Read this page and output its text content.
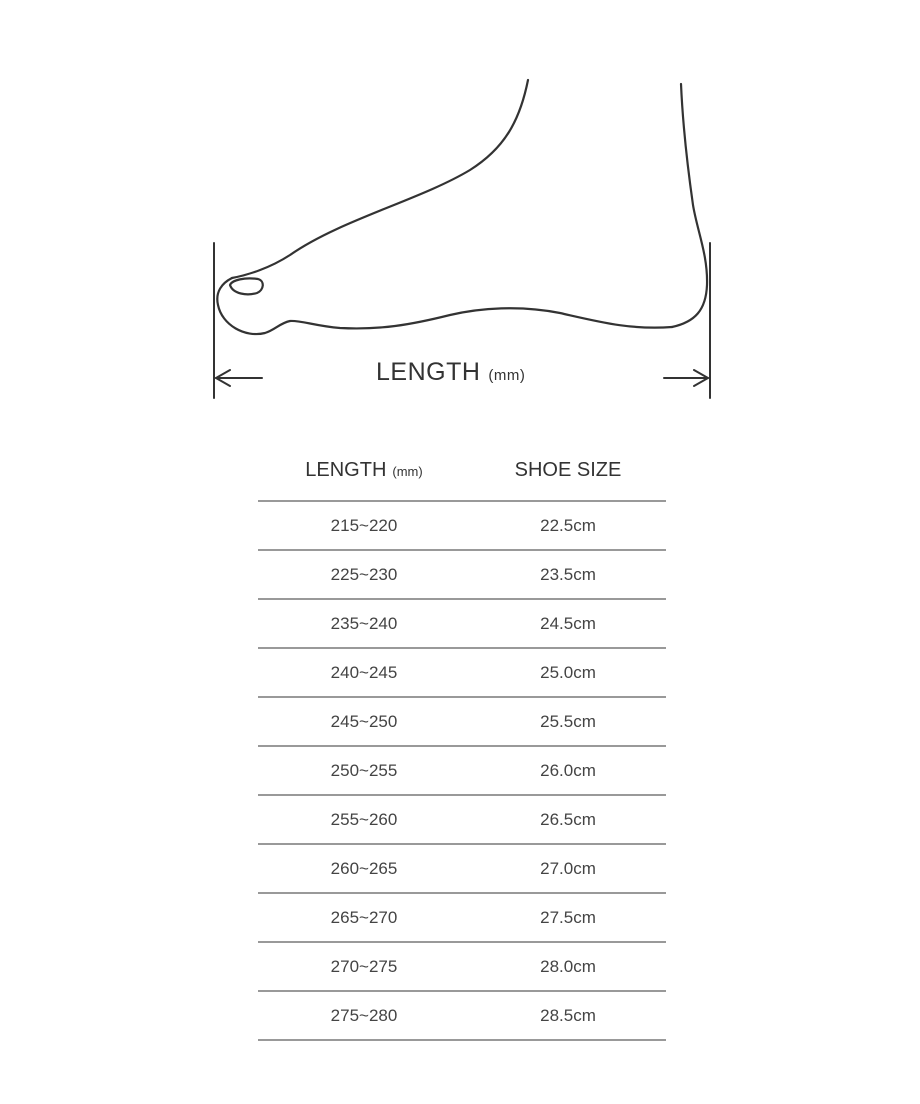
LENGTH (mm)
LENGTH (mm)	SHOE SIZE
215~220	22.5cm
225~230	23.5cm
235~240	24.5cm
240~245	25.0cm
245~250	25.5cm
250~255	26.0cm
255~260	26.5cm
260~265	27.0cm
265~270	27.5cm
270~275	28.0cm
275~280	28.5cm
